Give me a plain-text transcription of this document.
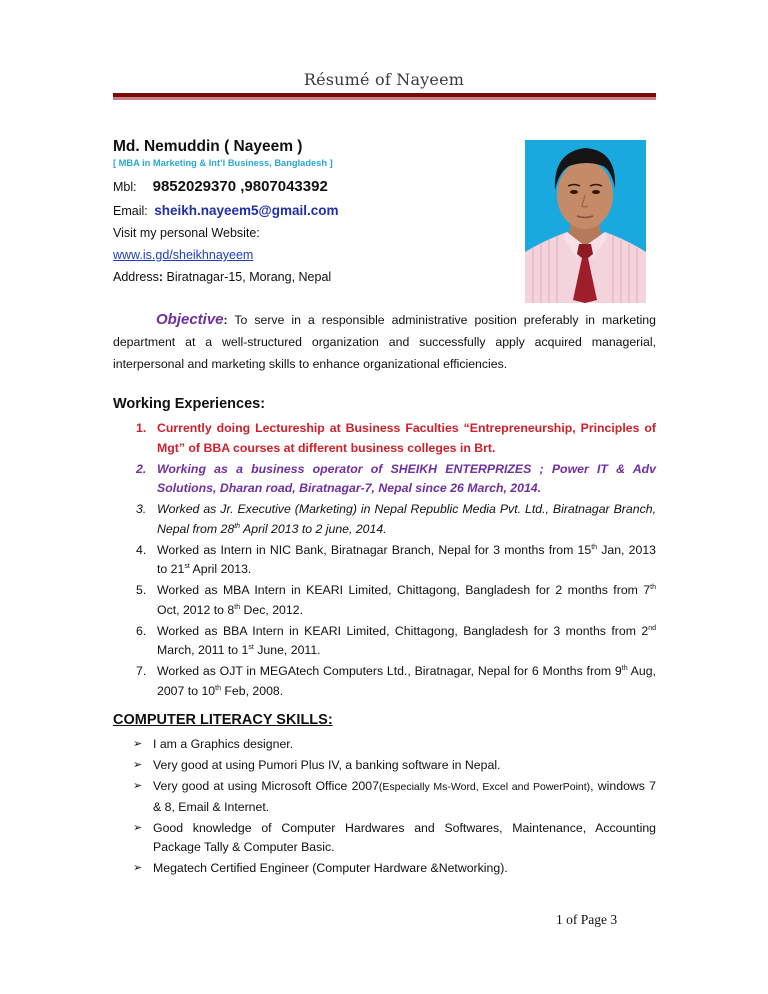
Résumé of Nayeem
Md. Nemuddin ( Nayeem )
[ MBA in Marketing & Int’l Business, Bangladesh ]
Mbl: 9852029370 ,9807043392
Email: sheikh.nayeem5@gmail.com
Visit my personal Website:
www.is.gd/sheikhnayeem
Address: Biratnagar-15, Morang, Nepal
Objective: To serve in a responsible administrative position preferably in marketing department at a well-structured organization and successfully apply acquired managerial, interpersonal and marketing skills to enhance organizational efficiencies.
Working Experiences:
1. Currently doing Lectureship at Business Faculties “Entrepreneurship, Principles of Mgt” of BBA courses at different business colleges in Brt.
2. Working as a business operator of SHEIKH ENTERPRIZES ; Power IT & Adv Solutions, Dharan road, Biratnagar-7, Nepal since 26 March, 2014.
3. Worked as Jr. Executive (Marketing) in Nepal Republic Media Pvt. Ltd., Biratnagar Branch, Nepal from 28th April 2013 to 2 june, 2014.
4. Worked as Intern in NIC Bank, Biratnagar Branch, Nepal for 3 months from 15th Jan, 2013 to 21st April 2013.
5. Worked as MBA Intern in KEARI Limited, Chittagong, Bangladesh for 2 months from 7th Oct, 2012 to 8th Dec, 2012.
6. Worked as BBA Intern in KEARI Limited, Chittagong, Bangladesh for 3 months from 2nd March, 2011 to 1st June, 2011.
7. Worked as OJT in MEGAtech Computers Ltd., Biratnagar, Nepal for 6 Months from 9th Aug, 2007 to 10th Feb, 2008.
COMPUTER LITERACY SKILLS:
➢ I am a Graphics designer.
➢ Very good at using Pumori Plus IV, a banking software in Nepal.
➢ Very good at using Microsoft Office 2007(Especially Ms-Word, Excel and PowerPoint), windows 7 & 8, Email & Internet.
➢ Good knowledge of Computer Hardwares and Softwares, Maintenance, Accounting Package Tally & Computer Basic.
➢ Megatech Certified Engineer (Computer Hardware &Networking).
1 of Page 3
